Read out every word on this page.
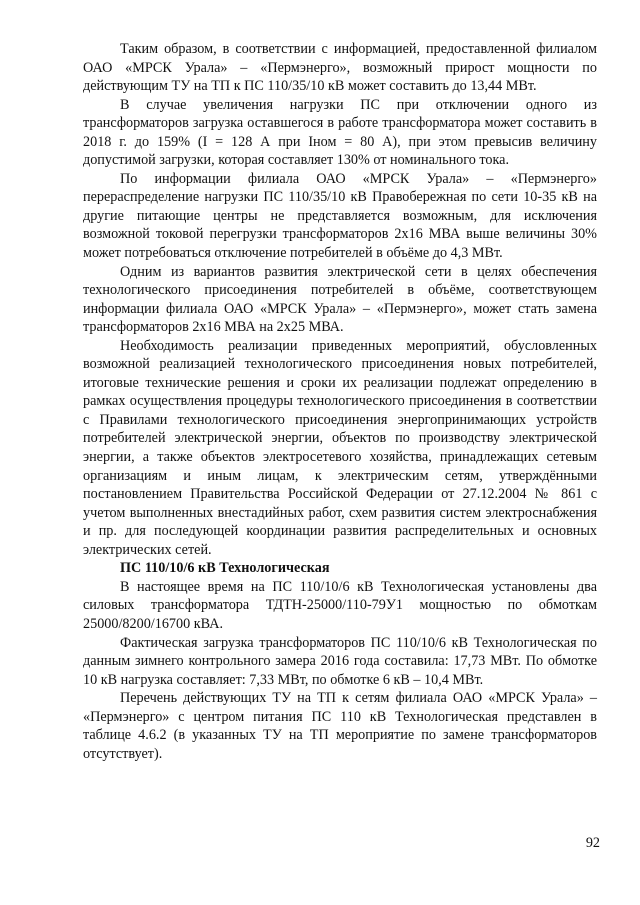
Таким образом, в соответствии с информацией, предоставленной филиалом ОАО «МРСК Урала» – «Пермэнерго», возможный прирост мощности по действующим ТУ на ТП к ПС 110/35/10 кВ может составить до 13,44 МВт.

В случае увеличения нагрузки ПС при отключении одного из трансформаторов загрузка оставшегося в работе трансформатора может составить в 2018 г. до 159% (I = 128 А при Iном = 80 А), при этом превысив величину допустимой загрузки, которая составляет 130% от номинального тока.

По информации филиала ОАО «МРСК Урала» – «Пермэнерго» перераспределение нагрузки ПС 110/35/10 кВ Правобережная по сети 10-35 кВ на другие питающие центры не представляется возможным, для исключения возможной токовой перегрузки трансформаторов 2х16 МВА выше величины 30% может потребоваться отключение потребителей в объёме до 4,3 МВт.

Одним из вариантов развития электрической сети в целях обеспечения технологического присоединения потребителей в объёме, соответствующем информации филиала ОАО «МРСК Урала» – «Пермэнерго», может стать замена трансформаторов 2х16 МВА на 2х25 МВА.

Необходимость реализации приведенных мероприятий, обусловленных возможной реализацией технологического присоединения новых потребителей, итоговые технические решения и сроки их реализации подлежат определению в рамках осуществления процедуры технологического присоединения в соответствии с Правилами технологического присоединения энергопринимающих устройств потребителей электрической энергии, объектов по производству электрической энергии, а также объектов электросетевого хозяйства, принадлежащих сетевым организациям и иным лицам, к электрическим сетям, утверждёнными постановлением Правительства Российской Федерации от 27.12.2004 № 861 с учетом выполненных внестадийных работ, схем развития систем электроснабжения и пр. для последующей координации развития распределительных и основных электрических сетей.

ПС 110/10/6 кВ Технологическая

В настоящее время на ПС 110/10/6 кВ Технологическая установлены два силовых трансформатора ТДТН-25000/110-79У1 мощностью по обмоткам 25000/8200/16700 кВА.

Фактическая загрузка трансформаторов ПС 110/10/6 кВ Технологическая по данным зимнего контрольного замера 2016 года составила: 17,73 МВт. По обмотке 10 кВ нагрузка составляет: 7,33 МВт, по обмотке 6 кВ – 10,4 МВт.

Перечень действующих ТУ на ТП к сетям филиала ОАО «МРСК Урала» – «Пермэнерго» с центром питания ПС 110 кВ Технологическая представлен в таблице 4.6.2 (в указанных ТУ на ТП мероприятие по замене трансформаторов отсутствует).

92
